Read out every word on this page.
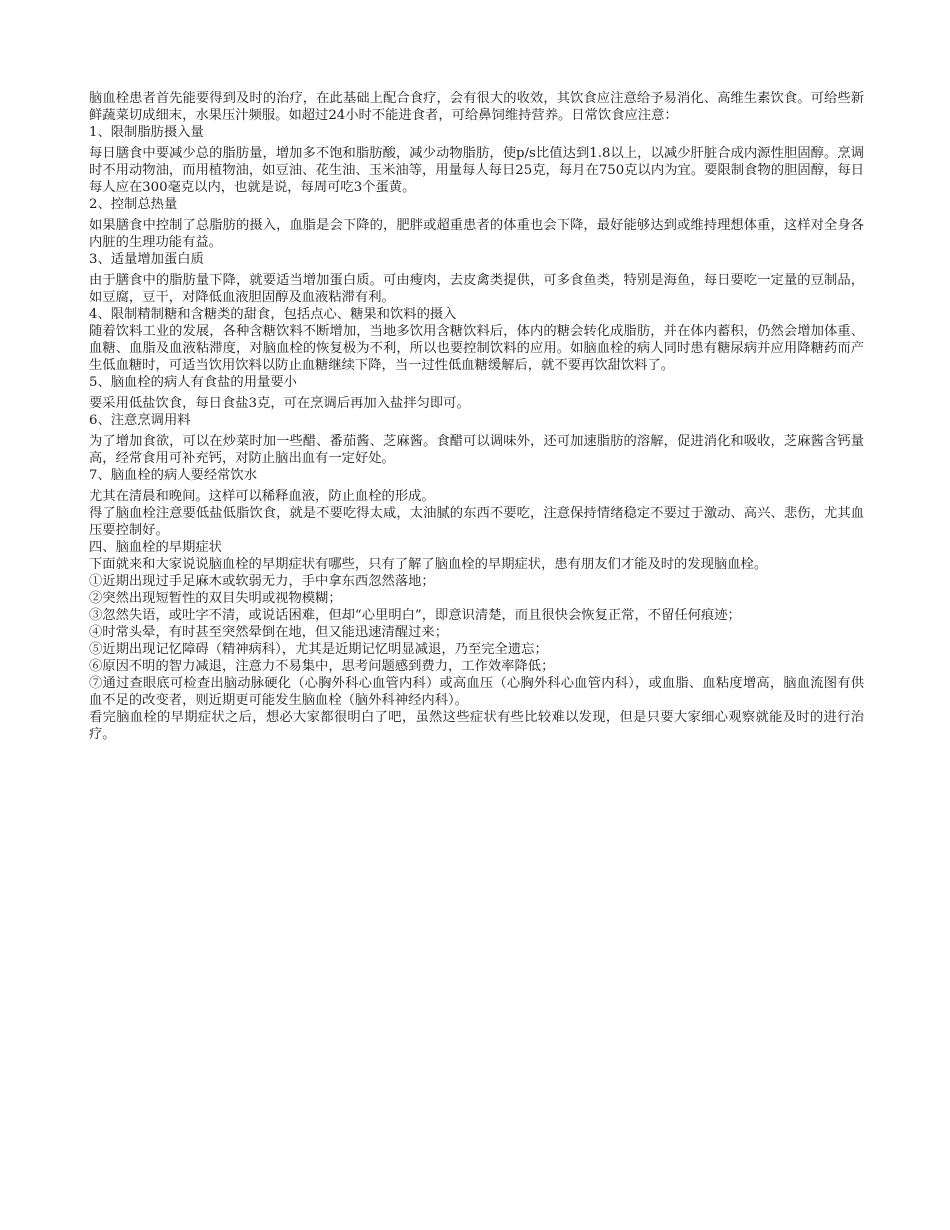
脑血栓患者首先能要得到及时的治疗，在此基础上配合食疗，会有很大的收效，其饮食应注意给予易消化、高维生素饮食。可给些新鲜蔬菜切成细末，水果压汁频服。如超过24小时不能进食者，可给鼻饲维持营养。日常饮食应注意：

1、限制脂肪摄入量

每日膳食中要减少总的脂肪量，增加多不饱和脂肪酸，减少动物脂肪，使p/s比值达到1.8以上，以减少肝脏合成内源性胆固醇。烹调时不用动物油，而用植物油，如豆油、花生油、玉米油等，用量每人每日25克，每月在750克以内为宜。要限制食物的胆固醇，每日每人应在300毫克以内，也就是说，每周可吃3个蛋黄。

2、控制总热量

如果膳食中控制了总脂肪的摄入，血脂是会下降的，肥胖或超重患者的体重也会下降，最好能够达到或维持理想体重，这样对全身各内脏的生理功能有益。

3、适量增加蛋白质

由于膳食中的脂肪量下降，就要适当增加蛋白质。可由瘦肉，去皮禽类提供，可多食鱼类，特别是海鱼，每日要吃一定量的豆制品，如豆腐，豆干，对降低血液胆固醇及血液粘滞有利。

4、限制精制糖和含糖类的甜食，包括点心、糖果和饮料的摄入

随着饮料工业的发展，各种含糖饮料不断增加，当地多饮用含糖饮料后，体内的糖会转化成脂肪，并在体内蓄积，仍然会增加体重、血糖、血脂及血液粘滞度，对脑血栓的恢复极为不利，所以也要控制饮料的应用。如脑血栓的病人同时患有糖尿病并应用降糖药而产生低血糖时，可适当饮用饮料以防止血糖继续下降，当一过性低血糖缓解后，就不要再饮甜饮料了。

5、脑血栓的病人有食盐的用量要小

要采用低盐饮食，每日食盐3克，可在烹调后再加入盐拌匀即可。

6、注意烹调用料

为了增加食欲，可以在炒菜时加一些醋、番茄酱、芝麻酱。食醋可以调味外，还可加速脂肪的溶解，促进消化和吸收，芝麻酱含钙量高，经常食用可补充钙，对防止脑出血有一定好处。

7、脑血栓的病人要经常饮水

尤其在清晨和晚间。这样可以稀释血液，防止血栓的形成。

得了脑血栓注意要低盐低脂饮食，就是不要吃得太咸，太油腻的东西不要吃，注意保持情绪稳定不要过于激动、高兴、悲伤，尤其血压要控制好。

四、脑血栓的早期症状

下面就来和大家说说脑血栓的早期症状有哪些，只有了解了脑血栓的早期症状，患有朋友们才能及时的发现脑血栓。

①近期出现过手足麻木或软弱无力，手中拿东西忽然落地；

②突然出现短暂性的双目失明或视物模糊；

③忽然失语，或吐字不清，或说话困难，但却“心里明白”，即意识清楚，而且很快会恢复正常，不留任何痕迹；

④时常头晕，有时甚至突然晕倒在地，但又能迅速清醒过来；

⑤近期出现记忆障碍（精神病科），尤其是近期记忆明显减退，乃至完全遗忘；

⑥原因不明的智力减退，注意力不易集中，思考问题感到费力，工作效率降低；

⑦通过查眼底可检查出脑动脉硬化（心胸外科心血管内科）或高血压（心胸外科心血管内科），或血脂、血粘度增高，脑血流图有供血不足的改变者，则近期更可能发生脑血栓（脑外科神经内科）。

看完脑血栓的早期症状之后，想必大家都很明白了吧，虽然这些症状有些比较难以发现，但是只要大家细心观察就能及时的进行治疗。
